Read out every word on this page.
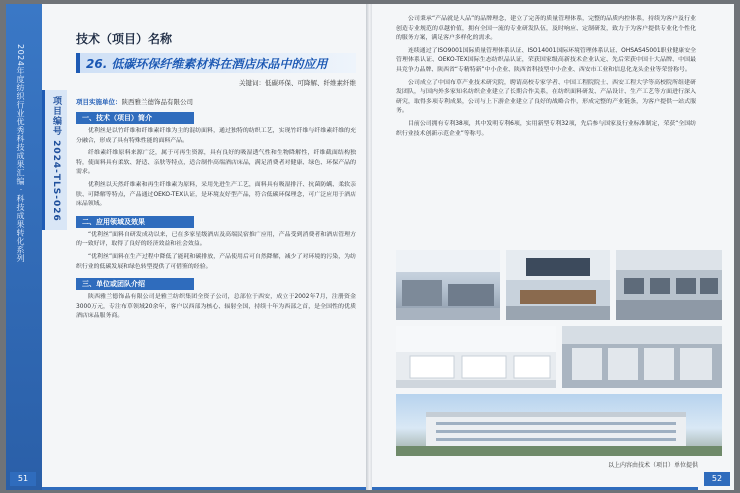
2024年度纺织行业优秀科技成果汇编 · 科技成果转化系列	项目编号 2024-TLS-026
技术（项目）名称
26. 低碳环保纤维素材料在酒店床品中的应用
关键词：低碳环保、可降解、纤维素纤维
项目实施单位：陕西雅兰德饰品有限公司
一、技术（项目）简介

优利丝是以竹纤维和纤维素纤维为主的混纺面料，通过独特的纺织工艺，实现竹纤维与纤维素纤维的充分融合，形成了具有特殊性能的面料产品。

纤维素纤维原料来源广泛，属于可再生资源，具有良好的吸湿透气性和生物降解性，纤维截面结构独特，使面料具有柔软、舒适、亲肤等特点，适合制作高端酒店床品，满足消费者对健康、绿色、环保产品的需求。

优利丝以天然纤维素和再生纤维素为原料，采用先进生产工艺，面料具有吸湿排汗、抗菌防螨、柔软亲肤、可降解等特点，产品通过OEKO-TEX认证，是环境友好型产品，符合低碳环保理念，可广泛应用于酒店床品领域。

二、应用领域及效果

“优利丝”面料自研发成功以来，已在多家星级酒店及高端民宿推广应用，产品受到消费者和酒店管理方的一致好评，取得了良好的经济效益和社会效益。

“优利丝”面料在生产过程中降低了能耗和碳排放，产品使用后可自然降解，减少了对环境的污染，为纺织行业的低碳发展和绿色转型提供了可借鉴的经验。

三、单位或团队介绍

陕西雅兰德饰品有限公司是雅兰纺织集团全资子公司，总部位于西安，成立于2002年7月，注册资金3000万元，专注布草领域20余年，客户以西部为核心、辐射全国，持续十年为西部之首，是全国性的优质酒店床品服务商。

51

公司秉承“产品就是人品”的品牌理念，建立了完善的质量管理体系，完整的品质内控体系，持续为客户及行业创造专业规范的卓越价值，拥有全国一流的专业研发队伍，及时响应、定制研发，致力于为客户提供专业化个性化的服务方案，满足客户多样化的需求。

连续通过了ISO9001国际质量管理体系认证、ISO14001国际环境管理体系认证、OHSAS45001职业健康安全管理体系认证、OEKO-TEX国际生态纺织品认证，荣获国家级高新技术企业认定、先后荣获中国十大品牌、中国最具竞争力品牌、陕西省“专精特新”中小企业、陕西省科技型中小企业、西安市工业和信息化龙头企业等荣誉称号。

公司成立了中国布草产业技术研究院，聘请高校专家学者、中国工程院院士、西安工程大学等高校院所组建研发团队，与国内外多家知名纺织企业建立了长期合作关系，在纺织面料研发、产品设计、生产工艺等方面进行深入研究，取得多项专利成果，公司与上下游企业建立了良好的战略合作，形成完整的产业链条，为客户提供一站式服务。

目前公司拥有专利38项，其中发明专利6项，实用新型专利32项，先后参与国家及行业标准制定，荣获“全国纺织行业技术创新示范企业”等称号。

以上内容由技术（项目）单位提供
52
